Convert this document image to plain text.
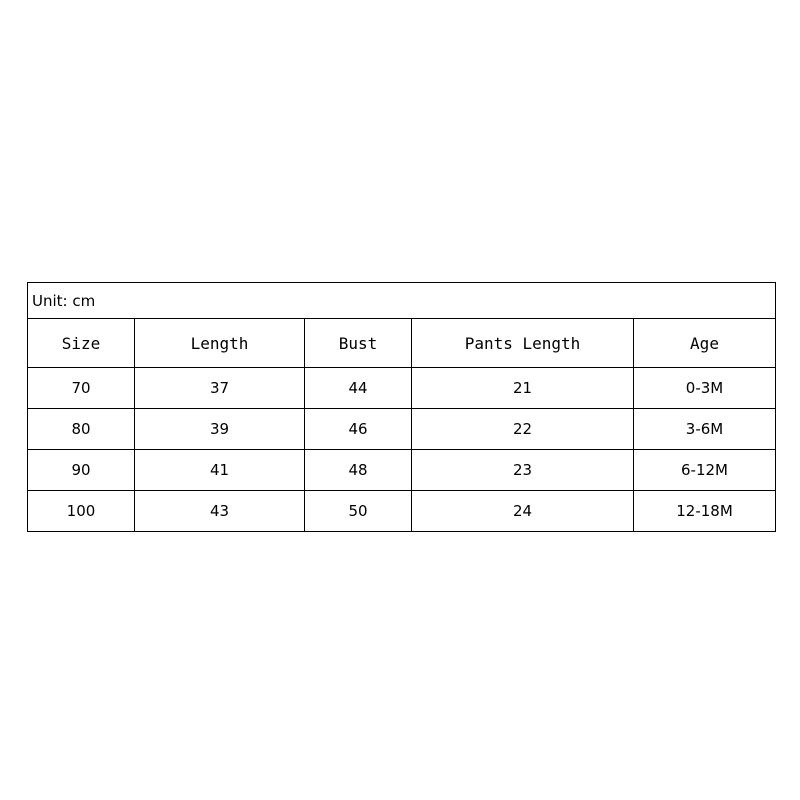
Unit: cm				
Size	Length	Bust	Pants Length	Age
70	37	44	21	0-3M
80	39	46	22	3-6M
90	41	48	23	6-12M
100	43	50	24	12-18M
